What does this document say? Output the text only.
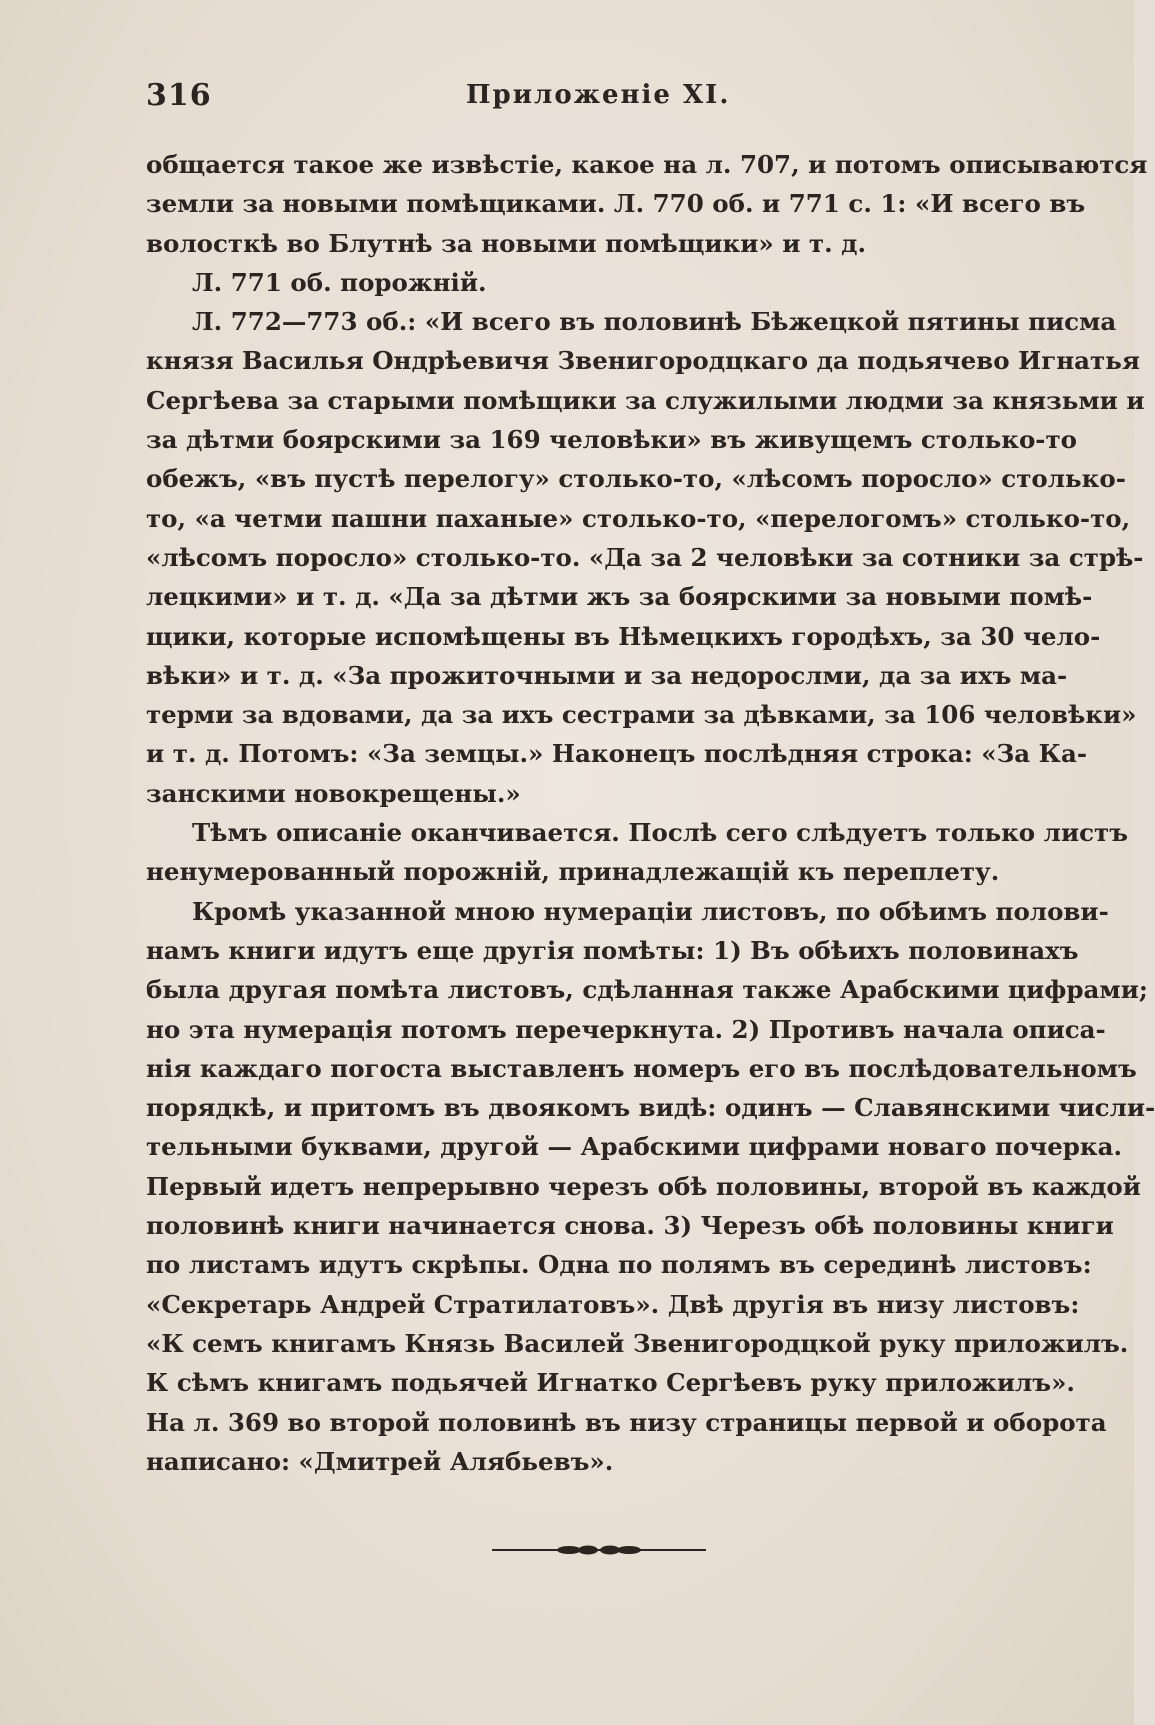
316	Приложеніе XI.
общается такое же извѣстіе, какое на л. 707, и потомъ описываются
земли за новыми помѣщиками. Л. 770 об. и 771 с. 1: «И всего въ
волосткѣ во Блутнѣ за новыми помѣщики» и т. д.
Л. 771 об. порожній.
Л. 772—773 об.: «И всего въ половинѣ Бѣжецкой пятины писма
князя Василья Ондрѣевичя Звенигородцкаго да подьячево Игнатья
Сергѣева за старыми помѣщики за служилыми людми за князьми и
за дѣтми боярскими за 169 человѣки» въ живущемъ столько-то
обежъ, «въ пустѣ перелогу» столько-то, «лѣсомъ поросло» столько-
то, «а четми пашни паханые» столько-то, «перелогомъ» столько-то,
«лѣсомъ поросло» столько-то. «Да за 2 человѣки за сотники за стрѣ-
лецкими» и т. д. «Да за дѣтми жъ за боярскими за новыми помѣ-
щики, которые испомѣщены въ Нѣмецкихъ городѣхъ, за 30 чело-
вѣки» и т. д. «За прожиточными и за недорослми, да за ихъ ма-
терми за вдовами, да за ихъ сестрами за дѣвками, за 106 человѣки»
и т. д. Потомъ: «За земцы.» Наконецъ послѣдняя строка: «За Ка-
занскими новокрещены.»
Тѣмъ описаніе оканчивается. Послѣ сего слѣдуетъ только листъ
ненумерованный порожній, принадлежащій къ переплету.
Кромѣ указанной мною нумераціи листовъ, по обѣимъ полови-
намъ книги идутъ еще другія помѣты: 1) Въ обѣихъ половинахъ
была другая помѣта листовъ, сдѣланная также Арабскими цифрами;
но эта нумерація потомъ перечеркнута. 2) Противъ начала описа-
нія каждаго погоста выставленъ номеръ его въ послѣдовательномъ
порядкѣ, и притомъ въ двоякомъ видѣ: одинъ — Славянскими числи-
тельными буквами, другой — Арабскими цифрами новаго почерка.
Первый идетъ непрерывно черезъ обѣ половины, второй въ каждой
половинѣ книги начинается снова. 3) Черезъ обѣ половины книги
по листамъ идутъ скрѣпы. Одна по полямъ въ серединѣ листовъ:
«Секретарь Андрей Стратилатовъ». Двѣ другія въ низу листовъ:
«К семъ книгамъ Князь Василей Звенигородцкой руку приложилъ.
К сѣмъ книгамъ подьячей Игнатко Сергѣевъ руку приложилъ».
На л. 369 во второй половинѣ въ низу страницы первой и оборота
написано: «Дмитрей Алябьевъ».
